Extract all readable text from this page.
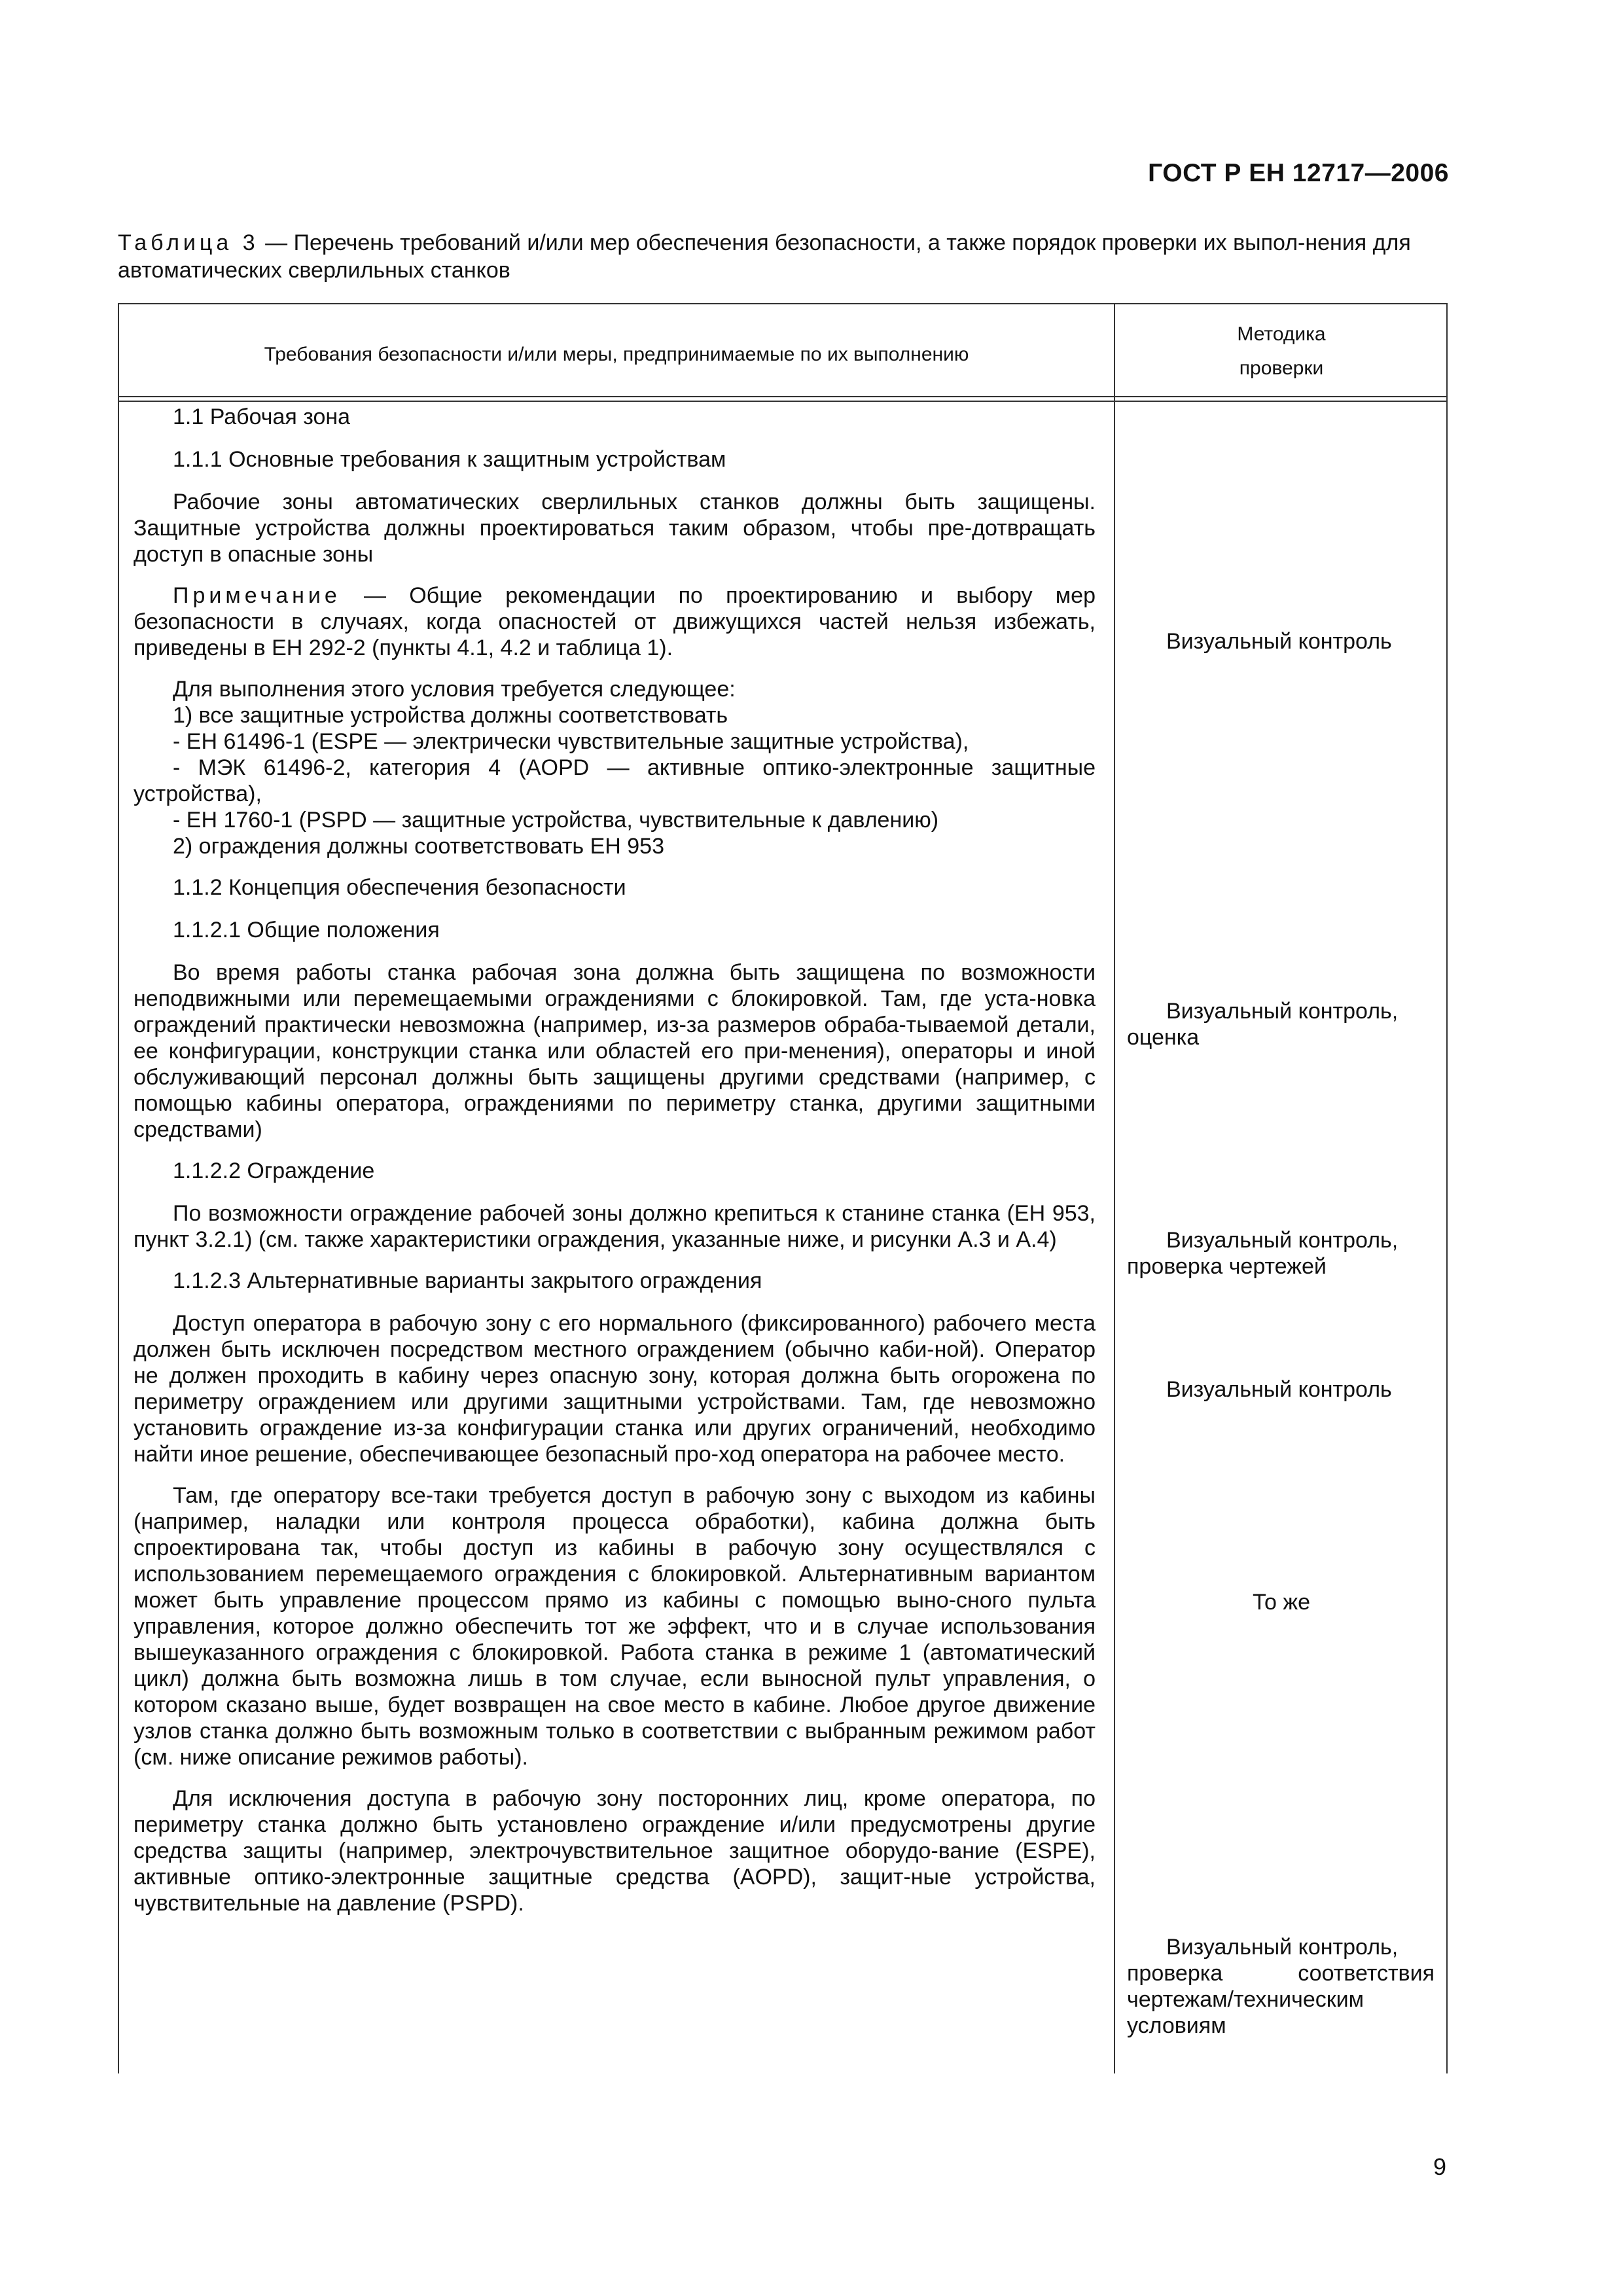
ГОСТ Р ЕН 12717—2006
Таблица 3 — Перечень требований и/или мер обеспечения безопасности, а также порядок проверки их выпол-нения для автоматических сверлильных станков
Требования безопасности и/или меры, предпринимаемые по их выполнению
Методика
проверки

1.1 Рабочая зона

1.1.1 Основные требования к защитным устройствам

Рабочие зоны автоматических сверлильных станков должны быть защищены. Защитные устройства должны проектироваться таким образом, чтобы пре-дотвращать доступ в опасные зоны

Примечание — Общие рекомендации по проектированию и выбору мер безопасности в случаях, когда опасностей от движущихся частей нельзя избежать, приведены в ЕН 292-2 (пункты 4.1, 4.2 и таблица 1).

Для выполнения этого условия требуется следующее:

1) все защитные устройства должны соответствовать

- ЕН 61496-1 (ESPE — электрически чувствительные защитные устройства),

- МЭК 61496-2, категория 4 (AOPD — активные оптико-электронные защитные устройства),

- ЕН 1760-1 (PSPD — защитные устройства, чувствительные к давлению)

2) ограждения должны соответствовать ЕН 953

1.1.2 Концепция обеспечения безопасности

1.1.2.1 Общие положения

Во время работы станка рабочая зона должна быть защищена по возможности неподвижными или перемещаемыми ограждениями с блокировкой. Там, где уста-новка ограждений практически невозможна (например, из-за размеров обраба-тываемой детали, ее конфигурации, конструкции станка или областей его при-менения), операторы и иной обслуживающий персонал должны быть защищены другими средствами (например, с помощью кабины оператора, ограждениями по периметру станка, другими защитными средствами)

1.1.2.2 Ограждение

По возможности ограждение рабочей зоны должно крепиться к станине станка (ЕН 953, пункт 3.2.1) (см. также характеристики ограждения, указанные ниже, и рисунки А.3 и А.4)

1.1.2.3 Альтернативные варианты закрытого ограждения

Доступ оператора в рабочую зону с его нормального (фиксированного) рабочего места должен быть исключен посредством местного ограждением (обычно каби-ной). Оператор не должен проходить в кабину через опасную зону, которая должна быть огорожена по периметру ограждением или другими защитными устройствами. Там, где невозможно установить ограждение из-за конфигурации станка или других ограничений, необходимо найти иное решение, обеспечивающее безопасный про-ход оператора на рабочее место.

Там, где оператору все-таки требуется доступ в рабочую зону с выходом из кабины (например, наладки или контроля процесса обработки), кабина должна быть спроектирована так, чтобы доступ из кабины в рабочую зону осуществлялся с использованием перемещаемого ограждения с блокировкой. Альтернативным вариантом может быть управление процессом прямо из кабины с помощью выно-сного пульта управления, которое должно обеспечить тот же эффект, что и в случае использования вышеуказанного ограждения с блокировкой. Работа станка в режиме 1 (автоматический цикл) должна быть возможна лишь в том случае, если выносной пульт управления, о котором сказано выше, будет возвращен на свое место в кабине. Любое другое движение узлов станка должно быть возможным только в соответствии с выбранным режимом работ (см. ниже описание режимов работы).

Для исключения доступа в рабочую зону посторонних лиц, кроме оператора, по периметру станка должно быть установлено ограждение и/или предусмотрены другие средства защиты (например, электрочувствительное защитное оборудо-вание (ESPE), активные оптико-электронные защитные средства (AOPD), защит-ные устройства, чувствительные на давление (PSPD).

Визуальный контроль
Визуальный контроль,
оценка
Визуальный контроль,
проверка чертежей
Визуальный контроль
То же
Визуальный контроль,
проверка соответствия
чертежам/техническим
условиям
9
